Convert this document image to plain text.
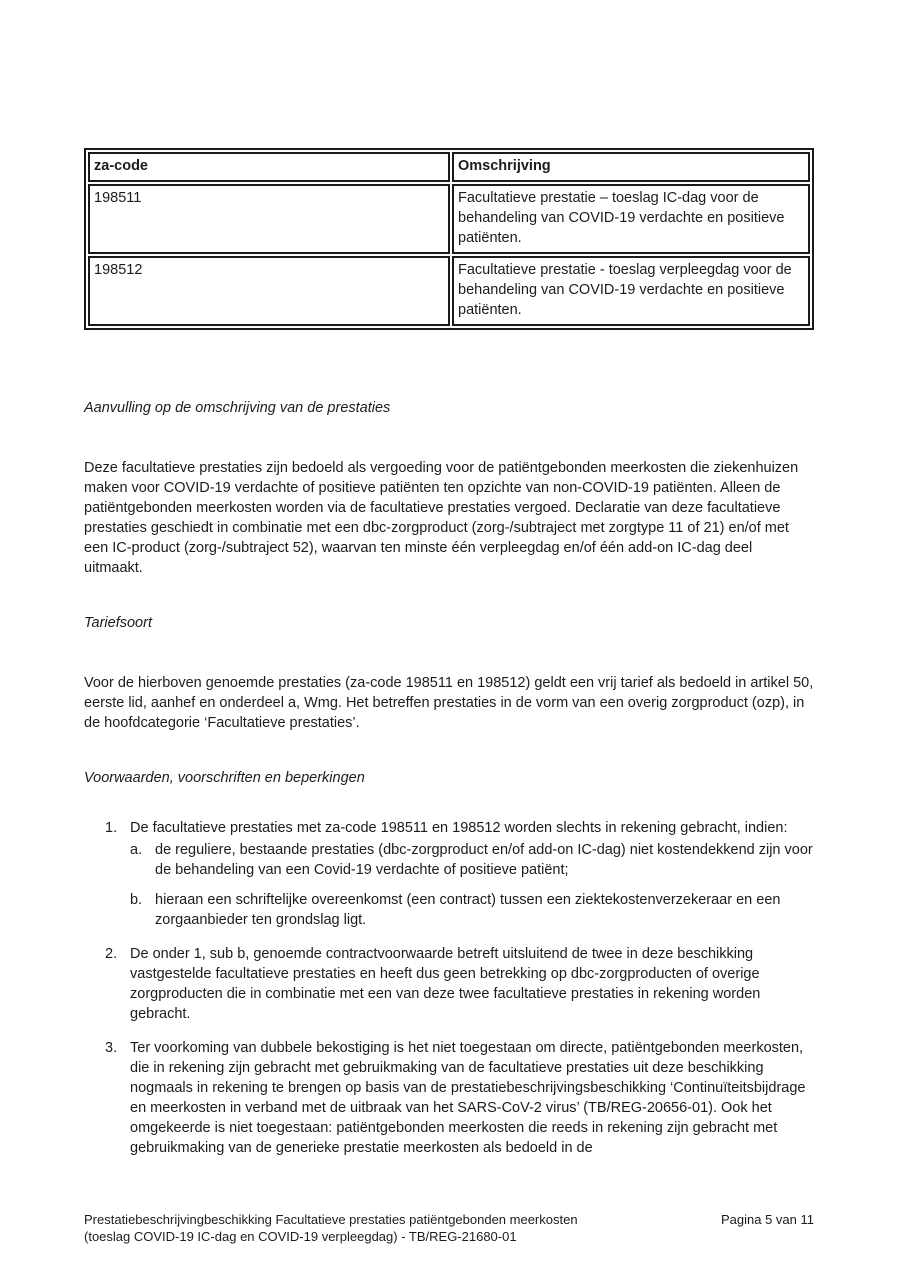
za-code	Omschrijving
198511	Facultatieve prestatie – toeslag IC-dag voor de behandeling van COVID-19 verdachte en positieve patiënten.
198512	Facultatieve prestatie - toeslag verpleegdag voor de behandeling van COVID-19 verdachte en positieve patiënten.
Aanvulling op de omschrijving van de prestaties

Deze facultatieve prestaties zijn bedoeld als vergoeding voor de patiëntgebonden meerkosten die ziekenhuizen maken voor COVID-19 verdachte of positieve patiënten ten opzichte van non-COVID-19 patiënten. Alleen de patiëntgebonden meerkosten worden via de facultatieve prestaties vergoed. Declaratie van deze facultatieve prestaties geschiedt in combinatie met een dbc-zorgproduct (zorg-/subtraject met zorgtype 11 of 21) en/of met een IC-product (zorg-/subtraject 52), waarvan ten minste één verpleegdag en/of één add-on IC-dag deel uitmaakt.

Tariefsoort

Voor de hierboven genoemde prestaties (za-code 198511 en 198512) geldt een vrij tarief als bedoeld in artikel 50, eerste lid, aanhef en onderdeel a, Wmg. Het betreffen prestaties in de vorm van een overig zorgproduct (ozp), in de hoofdcategorie ‘Facultatieve prestaties’.

Voorwaarden, voorschriften en beperkingen
1. De facultatieve prestaties met za-code 198511 en 198512 worden slechts in rekening gebracht, indien:
a. de reguliere, bestaande prestaties (dbc-zorgproduct en/of add-on IC-dag) niet kostendekkend zijn voor de behandeling van een Covid-19 verdachte of positieve patiënt;
b. hieraan een schriftelijke overeenkomst (een contract) tussen een ziektekostenverzekeraar en een zorgaanbieder ten grondslag ligt.
2. De onder 1, sub b, genoemde contractvoorwaarde betreft uitsluitend de twee in deze beschikking vastgestelde facultatieve prestaties en heeft dus geen betrekking op dbc-zorgproducten of overige zorgproducten die in combinatie met een van deze twee facultatieve prestaties in rekening worden gebracht.
3. Ter voorkoming van dubbele bekostiging is het niet toegestaan om directe, patiëntgebonden meerkosten, die in rekening zijn gebracht met gebruikmaking van de facultatieve prestaties uit deze beschikking nogmaals in rekening te brengen op basis van de prestatiebeschrijvingsbeschikking ‘Continuïteitsbijdrage en meerkosten in verband met de uitbraak van het SARS-CoV-2 virus’ (TB/REG-20656-01). Ook het omgekeerde is niet toegestaan: patiëntgebonden meerkosten die reeds in rekening zijn gebracht met gebruikmaking van de generieke prestatie meerkosten als bedoeld in de
Prestatiebeschrijvingbeschikking Facultatieve prestaties patiëntgebonden meerkosten
(toeslag COVID-19 IC-dag en COVID-19 verpleegdag) - TB/REG-21680-01
Pagina 5 van 11
